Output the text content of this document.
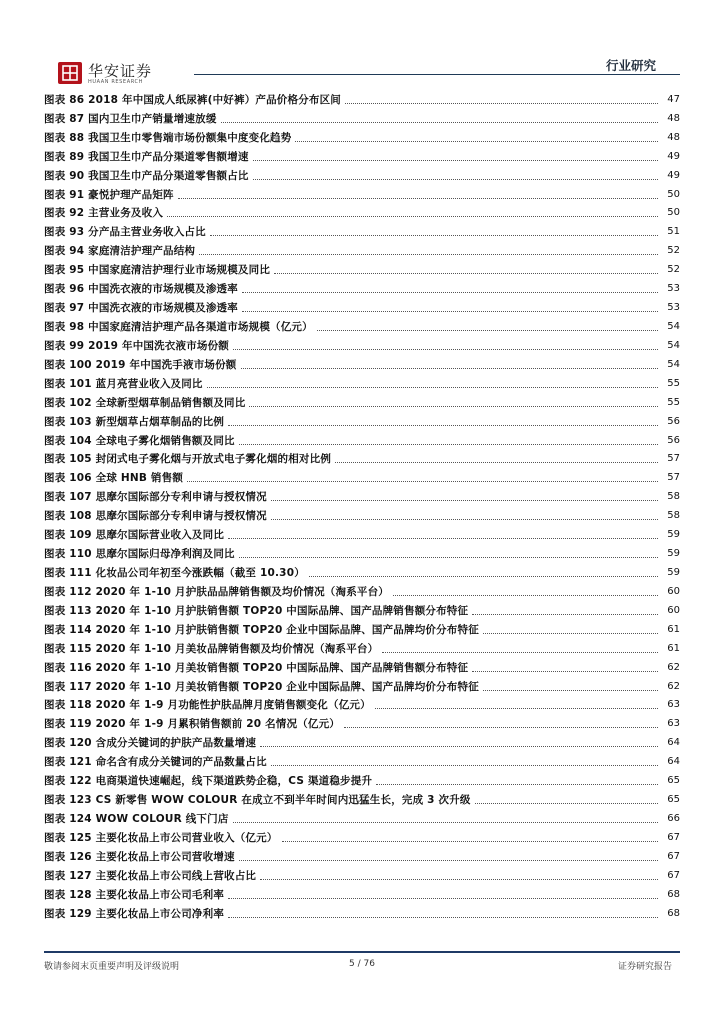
华安证券
HUAAN RESEARCH
行业研究
图表 86 2018 年中国成人纸尿裤(中好裤）产品价格分布区间	47
图表 87 国内卫生巾产销量增速放缓	48
图表 88 我国卫生巾零售端市场份额集中度变化趋势	48
图表 89 我国卫生巾产品分渠道零售额增速	49
图表 90 我国卫生巾产品分渠道零售额占比	49
图表 91 豪悦护理产品矩阵	50
图表 92 主营业务及收入	50
图表 93 分产品主营业务收入占比	51
图表 94 家庭清洁护理产品结构	52
图表 95 中国家庭清洁护理行业市场规模及同比	52
图表 96 中国洗衣液的市场规模及渗透率	53
图表 97 中国洗衣液的市场规模及渗透率	53
图表 98 中国家庭清洁护理产品各渠道市场规模（亿元）	54
图表 99 2019 年中国洗衣液市场份额	54
图表 100 2019 年中国洗手液市场份额	54
图表 101 蓝月亮营业收入及同比	55
图表 102 全球新型烟草制品销售额及同比	55
图表 103 新型烟草占烟草制品的比例	56
图表 104 全球电子雾化烟销售额及同比	56
图表 105 封闭式电子雾化烟与开放式电子雾化烟的相对比例	57
图表 106 全球 HNB 销售额	57
图表 107 思摩尔国际部分专利申请与授权情况	58
图表 108 思摩尔国际部分专利申请与授权情况	58
图表 109 思摩尔国际营业收入及同比	59
图表 110 思摩尔国际归母净利润及同比	59
图表 111 化妆品公司年初至今涨跌幅（截至 10.30）	59
图表 112 2020 年 1-10 月护肤品品牌销售额及均价情况（淘系平台）	60
图表 113 2020 年 1-10 月护肤销售额 TOP20 中国际品牌、国产品牌销售额分布特征	60
图表 114 2020 年 1-10 月护肤销售额 TOP20 企业中国际品牌、国产品牌均价分布特征	61
图表 115 2020 年 1-10 月美妆品牌销售额及均价情况（淘系平台）	61
图表 116 2020 年 1-10 月美妆销售额 TOP20 中国际品牌、国产品牌销售额分布特征	62
图表 117 2020 年 1-10 月美妆销售额 TOP20 企业中国际品牌、国产品牌均价分布特征	62
图表 118 2020 年 1-9 月功能性护肤品牌月度销售额变化（亿元）	63
图表 119 2020 年 1-9 月累积销售额前 20 名情况（亿元）	63
图表 120 含成分关键词的护肤产品数量增速	64
图表 121 命名含有成分关键词的产品数量占比	64
图表 122 电商渠道快速崛起，线下渠道跌势企稳，CS 渠道稳步提升	65
图表 123 CS 新零售 WOW COLOUR 在成立不到半年时间内迅猛生长，完成 3 次升级	65
图表 124 WOW COLOUR 线下门店	66
图表 125 主要化妆品上市公司营业收入（亿元）	67
图表 126 主要化妆品上市公司营收增速	67
图表 127 主要化妆品上市公司线上营收占比	67
图表 128 主要化妆品上市公司毛利率	68
图表 129 主要化妆品上市公司净利率	68
敬请参阅末页重要声明及评级说明	5 / 76	证券研究报告
